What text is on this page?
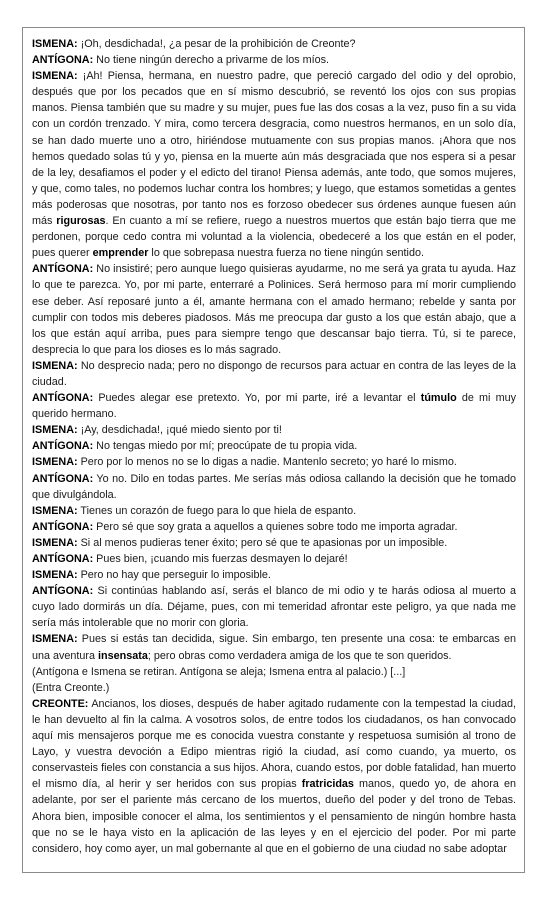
ISMENA: ¡Oh, desdichada!, ¿a pesar de la prohibición de Creonte?

ANTÍGONA: No tiene ningún derecho a privarme de los míos.

ISMENA: ¡Ah! Piensa, hermana, en nuestro padre, que pereció cargado del odio y del oprobio, después que por los pecados que en sí mismo descubrió, se reventó los ojos con sus propias manos. Piensa también que su madre y su mujer, pues fue las dos cosas a la vez, puso fin a su vida con un cordón trenzado. Y mira, como tercera desgracia, como nuestros hermanos, en un solo día, se han dado muerte uno a otro, hiriéndose mutuamente con sus propias manos. ¡Ahora que nos hemos quedado solas tú y yo, piensa en la muerte aún más desgraciada que nos espera si a pesar de la ley, desafiamos el poder y el edicto del tirano! Piensa además, ante todo, que somos mujeres, y que, como tales, no podemos luchar contra los hombres; y luego, que estamos sometidas a gentes más poderosas que nosotras, por tanto nos es forzoso obedecer sus órdenes aunque fuesen aún más rigurosas. En cuanto a mí se refiere, ruego a nuestros muertos que están bajo tierra que me perdonen, porque cedo contra mi voluntad a la violencia, obedeceré a los que están en el poder, pues querer emprender lo que sobrepasa nuestra fuerza no tiene ningún sentido.

ANTÍGONA: No insistiré; pero aunque luego quisieras ayudarme, no me será ya grata tu ayuda. Haz lo que te parezca. Yo, por mi parte, enterraré a Polinices. Será hermoso para mí morir cumpliendo ese deber. Así reposaré junto a él, amante hermana con el amado hermano; rebelde y santa por cumplir con todos mis deberes piadosos. Más me preocupa dar gusto a los que están abajo, que a los que están aquí arriba, pues para siempre tengo que descansar bajo tierra. Tú, si te parece, desprecia lo que para los dioses es lo más sagrado.

ISMENA: No desprecio nada; pero no dispongo de recursos para actuar en contra de las leyes de la ciudad.

ANTÍGONA: Puedes alegar ese pretexto. Yo, por mi parte, iré a levantar el túmulo de mi muy querido hermano.

ISMENA: ¡Ay, desdichada!, ¡qué miedo siento por ti!

ANTÍGONA: No tengas miedo por mí; preocúpate de tu propia vida.

ISMENA: Pero por lo menos no se lo digas a nadie. Mantenlo secreto; yo haré lo mismo.

ANTÍGONA: Yo no. Dilo en todas partes. Me serías más odiosa callando la decisión que he tomado que divulgándola.

ISMENA: Tienes un corazón de fuego para lo que hiela de espanto.

ANTÍGONA: Pero sé que soy grata a aquellos a quienes sobre todo me importa agradar.

ISMENA: Si al menos pudieras tener éxito; pero sé que te apasionas por un imposible.

ANTÍGONA: Pues bien, ¡cuando mis fuerzas desmayen lo dejaré!

ISMENA: Pero no hay que perseguir lo imposible.

ANTÍGONA: Si continúas hablando así, serás el blanco de mi odio y te harás odiosa al muerto a cuyo lado dormirás un día. Déjame, pues, con mi temeridad afrontar este peligro, ya que nada me sería más intolerable que no morir con gloria.

ISMENA: Pues si estás tan decidida, sigue. Sin embargo, ten presente una cosa: te embarcas en una aventura insensata; pero obras como verdadera amiga de los que te son queridos.

(Antígona e Ismena se retiran. Antígona se aleja; Ismena entra al palacio.) [...]

(Entra Creonte.)

CREONTE: Ancianos, los dioses, después de haber agitado rudamente con la tempestad la ciudad, le han devuelto al fin la calma. A vosotros solos, de entre todos los ciudadanos, os han convocado aquí mis mensajeros porque me es conocida vuestra constante y respetuosa sumisión al trono de Layo, y vuestra devoción a Edipo mientras rigió la ciudad, así como cuando, ya muerto, os conservasteis fieles con constancia a sus hijos. Ahora, cuando estos, por doble fatalidad, han muerto el mismo día, al herir y ser heridos con sus propias fratricidas manos, quedo yo, de ahora en adelante, por ser el pariente más cercano de los muertos, dueño del poder y del trono de Tebas. Ahora bien, imposible conocer el alma, los sentimientos y el pensamiento de ningún hombre hasta que no se le haya visto en la aplicación de las leyes y en el ejercicio del poder. Por mi parte considero, hoy como ayer, un mal gobernante al que en el gobierno de una ciudad no sabe adoptar
